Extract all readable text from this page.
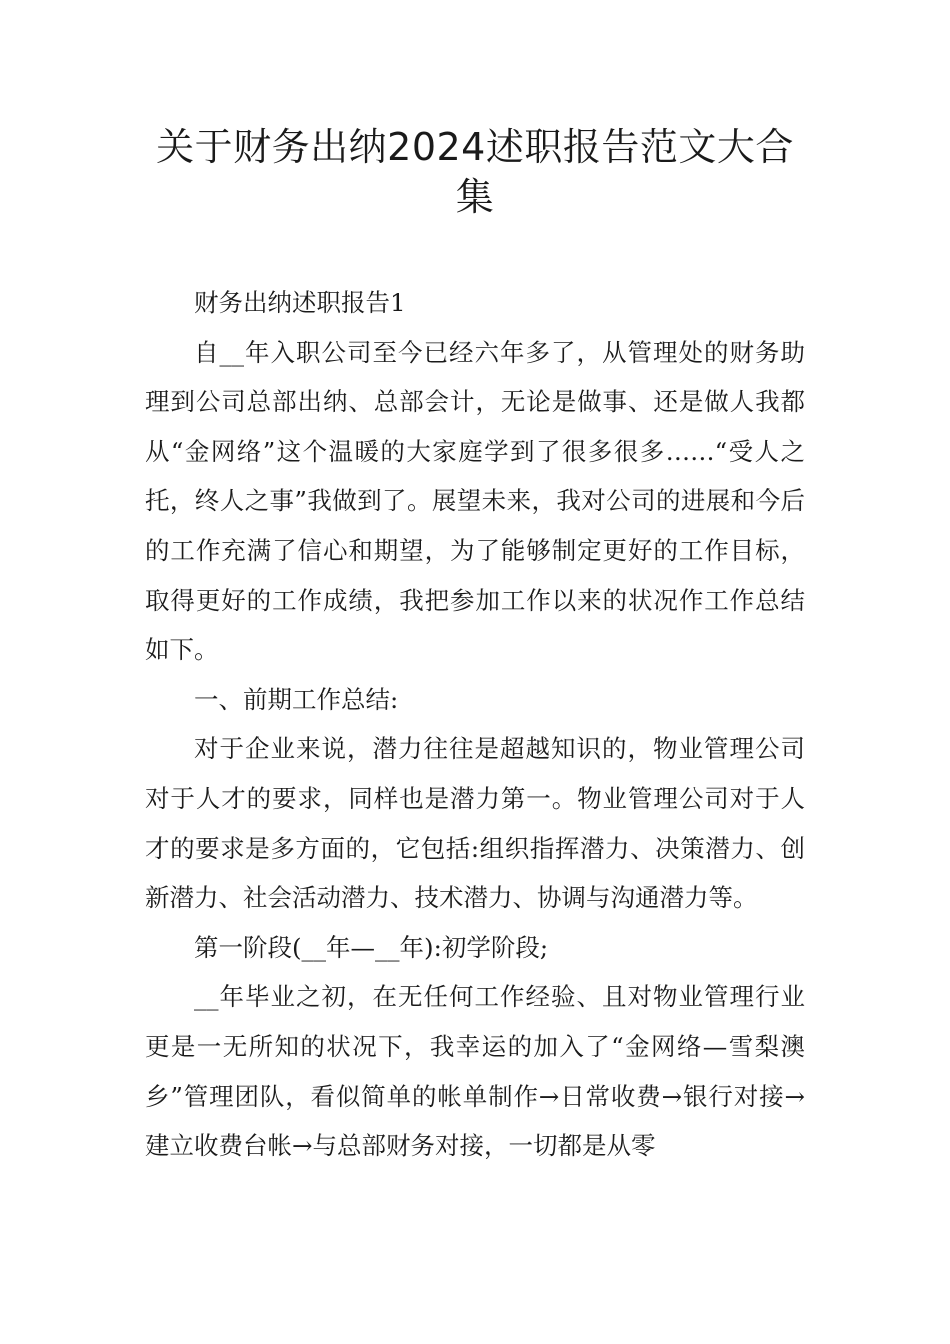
关于财务出纳2024述职报告范文大合集

财务出纳述职报告1

自__年入职公司至今已经六年多了，从管理处的财务助理到公司总部出纳、总部会计，无论是做事、还是做人我都从“金网络”这个温暖的大家庭学到了很多很多……“受人之托，终人之事”我做到了。展望未来，我对公司的进展和今后的工作充满了信心和期望，为了能够制定更好的工作目标，取得更好的工作成绩，我把参加工作以来的状况作工作总结如下。

一、前期工作总结:

对于企业来说，潜力往往是超越知识的，物业管理公司对于人才的要求，同样也是潜力第一。物业管理公司对于人才的要求是多方面的，它包括:组织指挥潜力、决策潜力、创新潜力、社会活动潜力、技术潜力、协调与沟通潜力等。

第一阶段(__年—__年):初学阶段;

__年毕业之初，在无任何工作经验、且对物业管理行业更是一无所知的状况下，我幸运的加入了“金网络—雪梨澳乡”管理团队，看似简单的帐单制作→日常收费→银行对接→建立收费台帐→与总部财务对接，一切都是从零
